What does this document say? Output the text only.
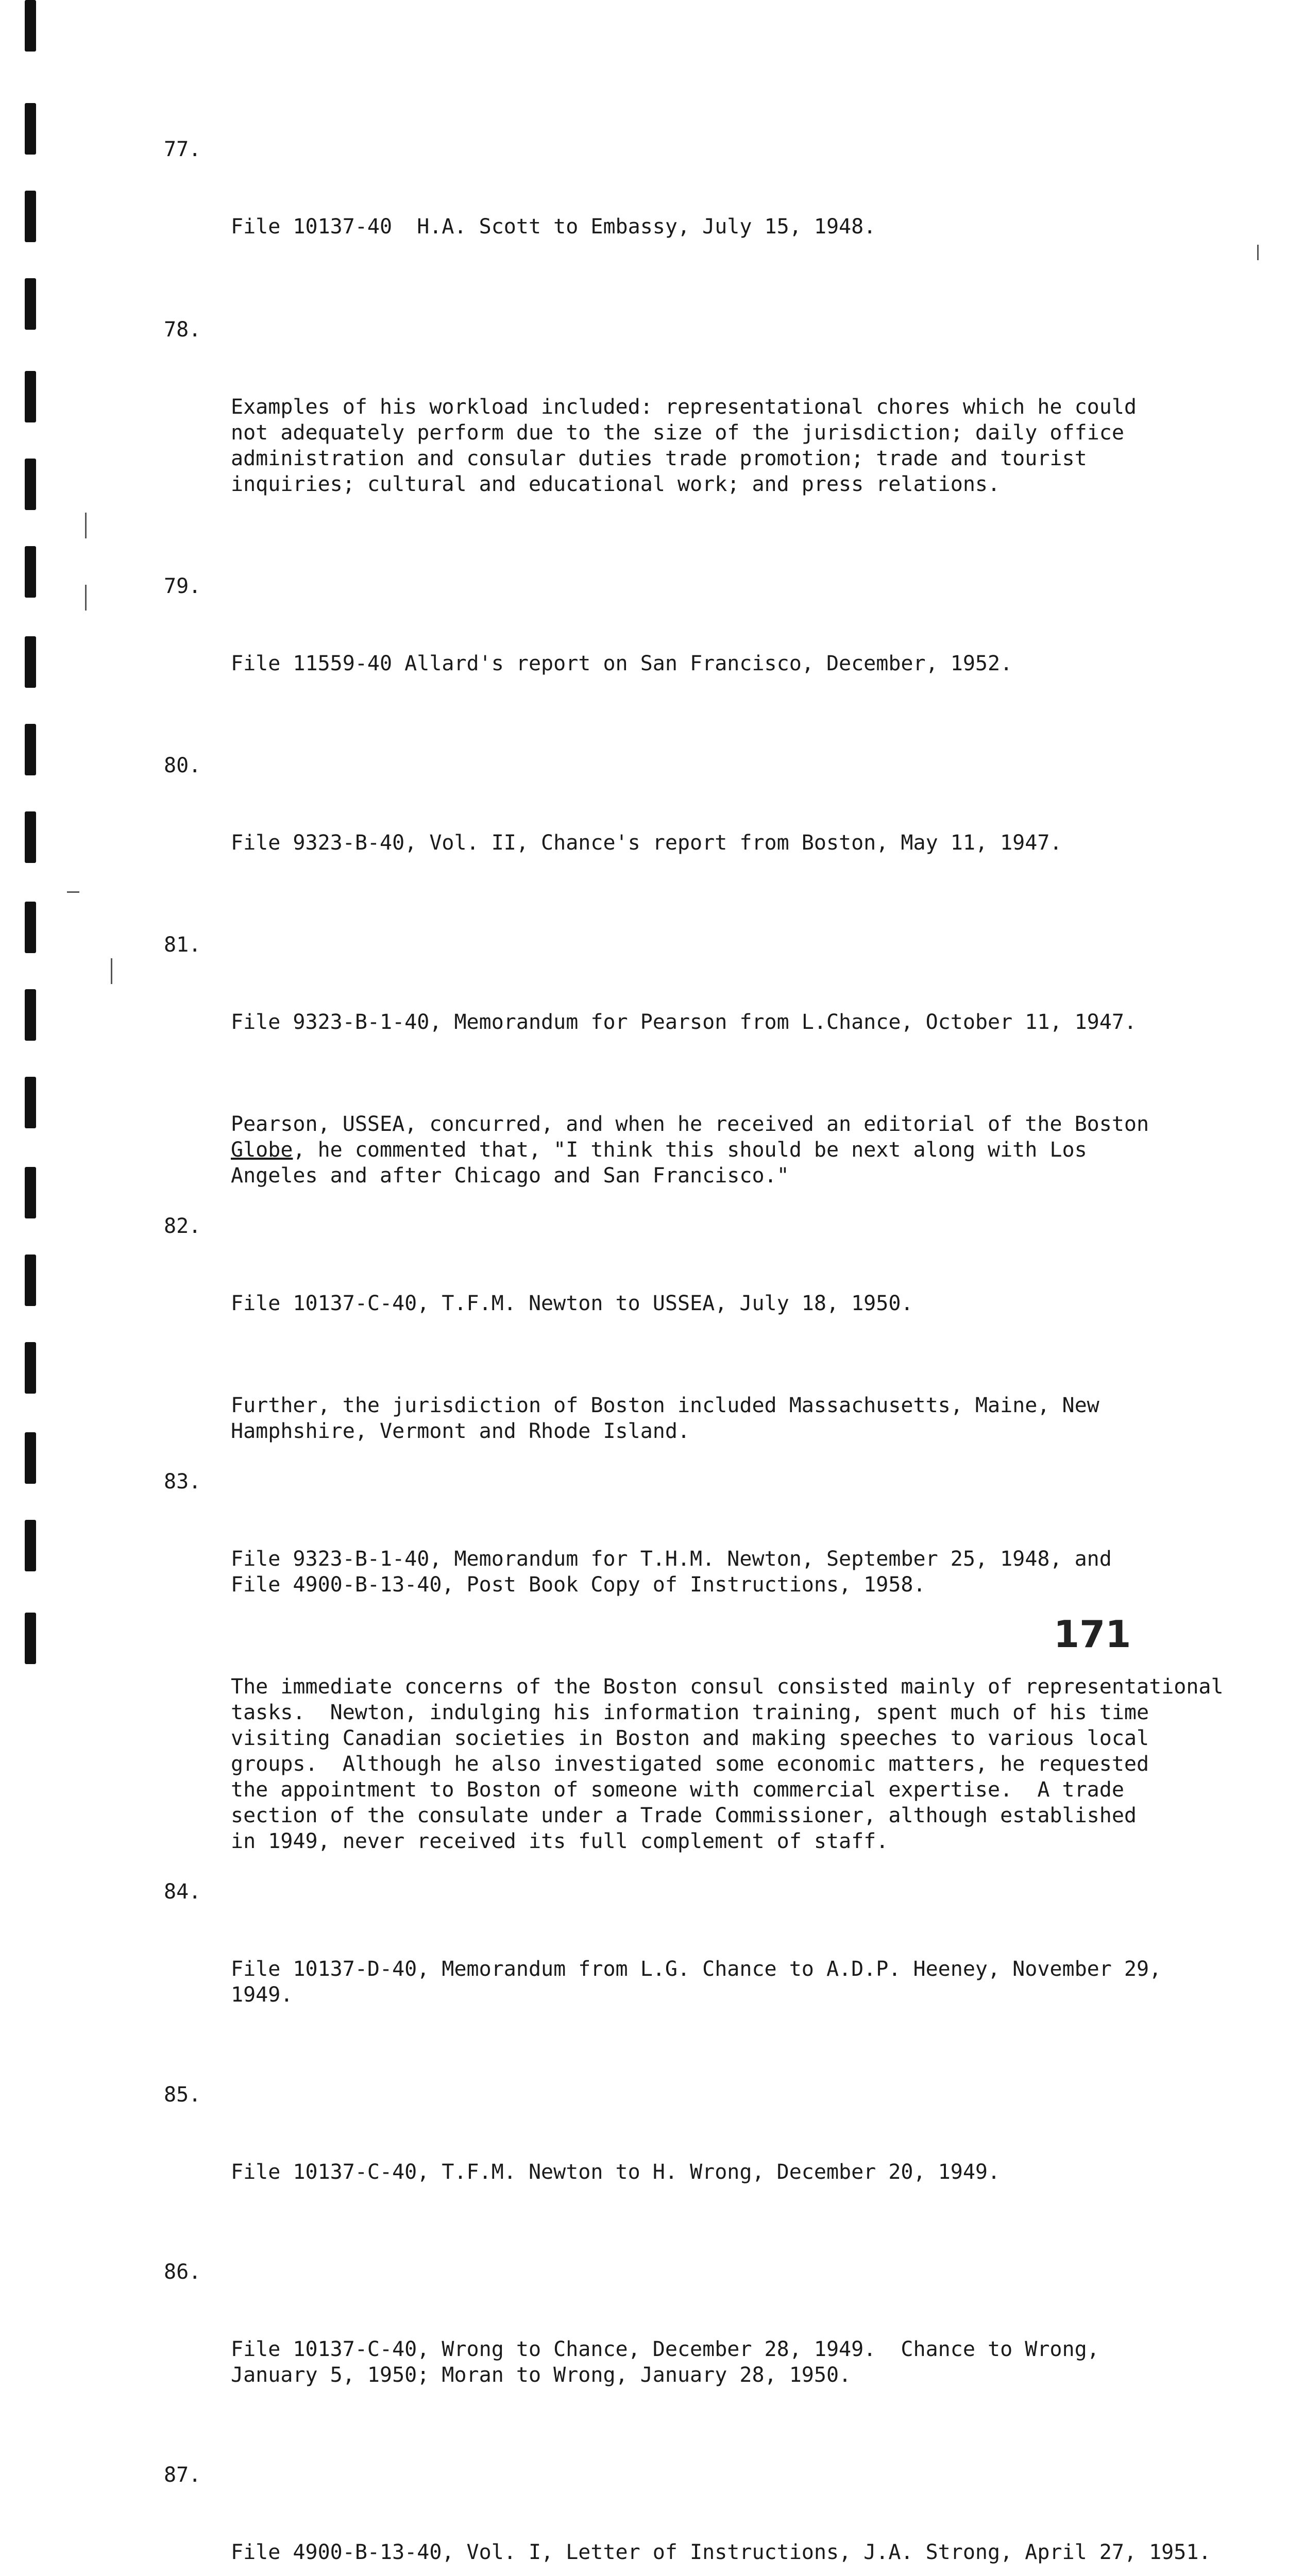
77.

File 10137-40  H.A. Scott to Embassy, July 15, 1948.

78.

Examples of his workload included: representational chores which he could
not adequately perform due to the size of the jurisdiction; daily office
administration and consular duties trade promotion; trade and tourist
inquiries; cultural and educational work; and press relations.

79.

File 11559-40 Allard's report on San Francisco, December, 1952.

80.

File 9323-B-40, Vol. II, Chance's report from Boston, May 11, 1947.

81.

File 9323-B-1-40, Memorandum for Pearson from L.Chance, October 11, 1947.

Pearson, USSEA, concurred, and when he received an editorial of the Boston
Globe, he commented that, "I think this should be next along with Los
Angeles and after Chicago and San Francisco."

82.

File 10137-C-40, T.F.M. Newton to USSEA, July 18, 1950.

Further, the jurisdiction of Boston included Massachusetts, Maine, New
Hamphshire, Vermont and Rhode Island.

83.

File 9323-B-1-40, Memorandum for T.H.M. Newton, September 25, 1948, and
File 4900-B-13-40, Post Book Copy of Instructions, 1958.

The immediate concerns of the Boston consul consisted mainly of representational
tasks.  Newton, indulging his information training, spent much of his time
visiting Canadian societies in Boston and making speeches to various local
groups.  Although he also investigated some economic matters, he requested
the appointment to Boston of someone with commercial expertise.  A trade
section of the consulate under a Trade Commissioner, although established
in 1949, never received its full complement of staff.

84.

File 10137-D-40, Memorandum from L.G. Chance to A.D.P. Heeney, November 29,
1949.

85.

File 10137-C-40, T.F.M. Newton to H. Wrong, December 20, 1949.

86.

File 10137-C-40, Wrong to Chance, December 28, 1949.  Chance to Wrong,
January 5, 1950; Moran to Wrong, January 28, 1950.

87.

File 4900-B-13-40, Vol. I, Letter of Instructions, J.A. Strong, April 27, 1951.

171
